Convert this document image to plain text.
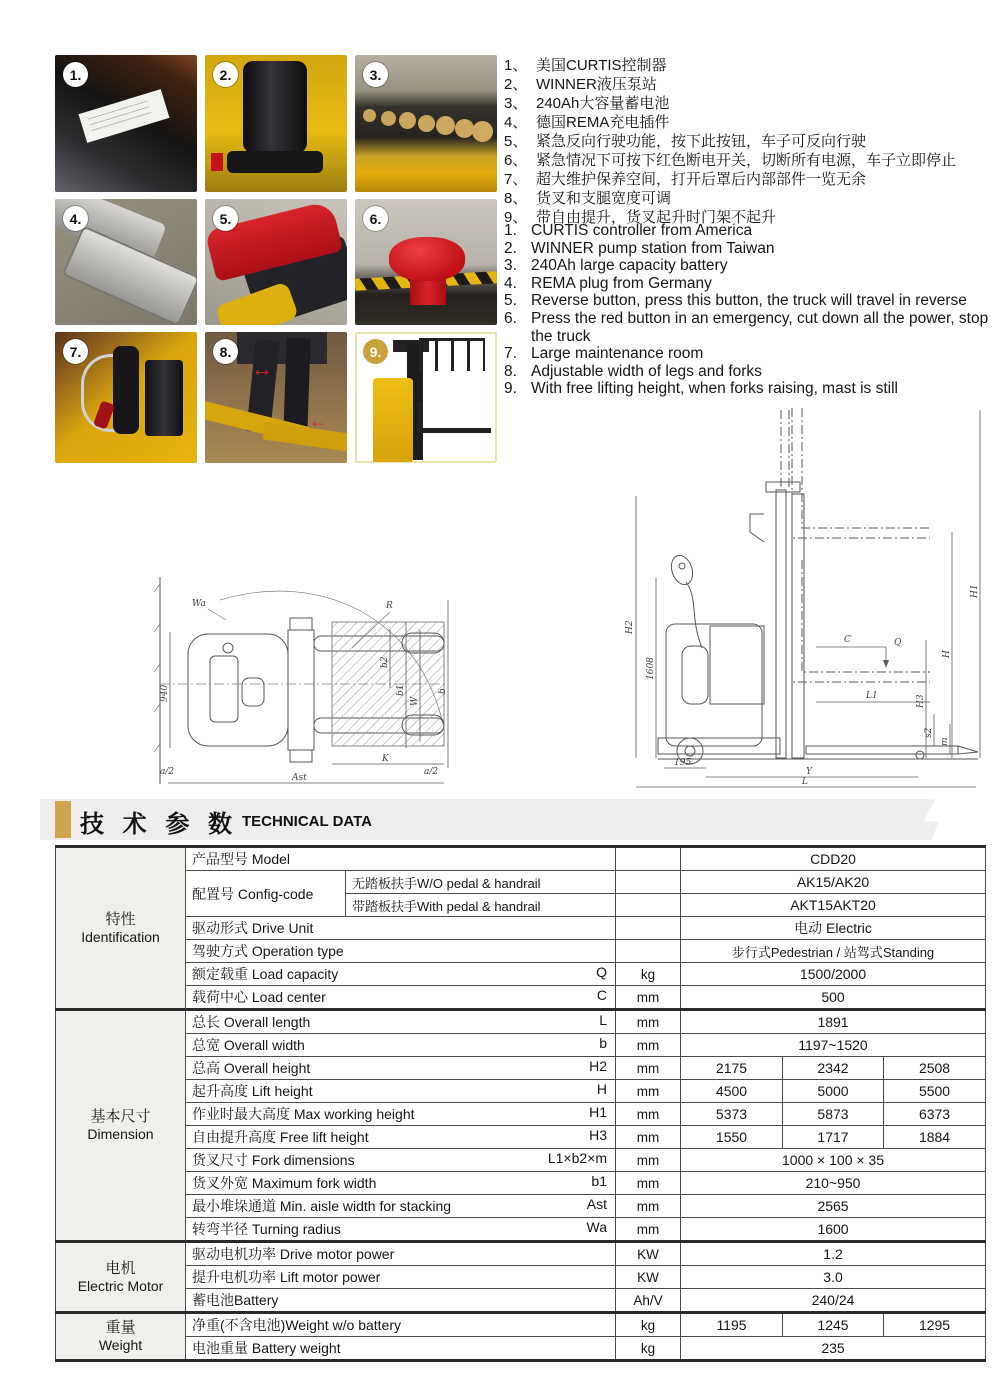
1.	2.	3.
4.	5.	6.
7.	8.
↔
←
9.
1、 美国CURTIS控制器
2、 WINNER液压泵站
3、 240Ah大容量蓄电池
4、 德国REMA充电插件
5、 紧急反向行驶功能，按下此按钮，车子可反向行驶
6、 紧急情况下可按下红色断电开关，切断所有电源，车子立即停止
7、 超大维护保养空间，打开后罩后内部部件一览无余
8、 货叉和支腿宽度可调
9、 带自由提升，货叉起升时门架不起升
1. CURTIS controller from America
2. WINNER pump station from Taiwan
3. 240Ah large capacity battery
4. REMA plug from Germany
5. Reverse button, press this button, the truck will travel in reverse
6. Press the red button in an emergency, cut down all the power, stop the truck
7. Large maintenance room
8. Adjustable width of legs and forks
9. With free lifting height, when forks raising, mast is still
Wa	R
940
b2
b1
W
b
K
Ast
a/2	a/2
H2
1608
H1
H
H3
C	Q
L1
s2
m
195
Y
L
技 术 参 数 TECHNICAL DATA
特性
Identification	产品型号 Model			CDD20		
	配置号 Config-code	无踏板扶手W/O pedal & handrail		AK15/AK20		
		带踏板扶手With pedal & handrail		AKT15AKT20		

	驱动形式 Drive Unit			电动 Electric		

	驾驶方式 Operation type			步行式Pedestrian / 站驾式Standing		

	额定载重 Load capacity Q		kg	1500/2000		

	载荷中心 Load center C		mm	500		

基本尺寸
Dimension

总长 Overall length	L	mm	1891

	总宽 Overall width b		mm	1197~1520		

	总高 Overall height H2		mm	2175	2342	2508

	起升高度 Lift height H		mm	4500	5000	5500

	作业时最大高度 Max working height H1		mm	5373	5873	6373

	自由提升高度 Free lift height H3		mm	1550	1717	1884

	货叉尺寸 Fork dimensions L1×b2×m		mm	1000 × 100 × 35		

	货叉外宽 Maximum fork width b1		mm	210~950		

	最小堆垛通道 Min. aisle width for stacking Ast		mm	2565		

	转弯半径 Turning radius Wa		mm	1600		

电机
Electric Motor	驱动电机功率 Drive motor power		KW	1.2		

	提升电机功率 Lift motor power		KW	3.0		

	蓄电池Battery		Ah/V	240/24		

重量
Weight	净重(不含电池)Weight w/o battery		kg	1195	1245	1295

	电池重量 Battery weight		kg	235		
